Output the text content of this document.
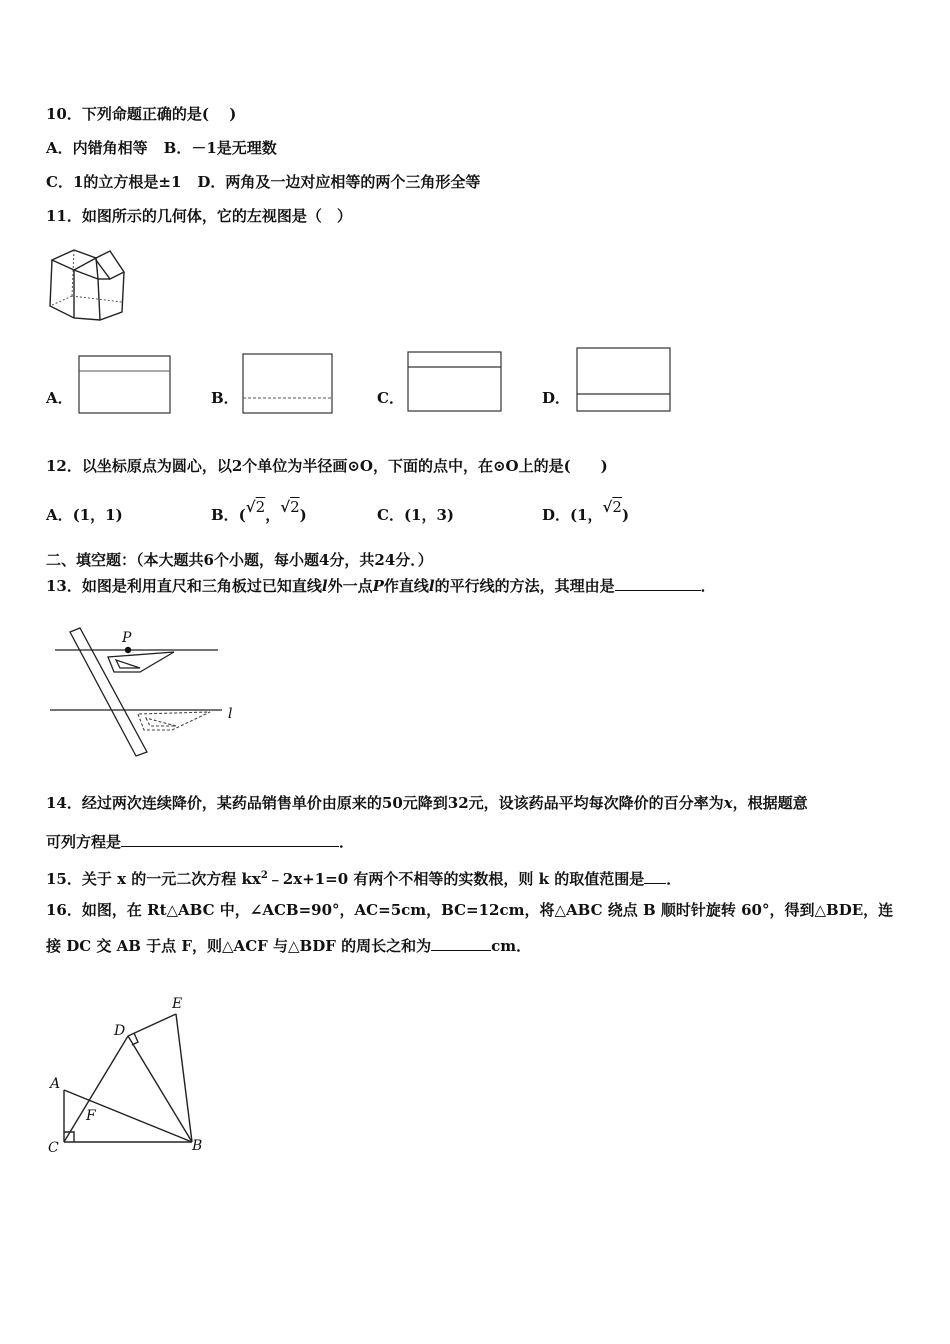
10．下列命题正确的是(　 )
A．内错角相等 B．－1是无理数
C．1的立方根是±1 D．两角及一边对应相等的两个三角形全等
11．如图所示的几何体，它的左视图是（　）
A．	B．	C．	D．
12．以坐标原点为圆心，以2个单位为半径画⊙O，下面的点中，在⊙O上的是(　　)
A．(1，1)	B．(√2，√2)	C．(1，3)	D．(1，√2)
二、填空题：（本大题共6个小题，每小题4分，共24分．）
13．如图是利用直尺和三角板过已知直线l外一点P作直线l的平行线的方法，其理由是	．
P
l
14．经过两次连续降价，某药品销售单价由原来的50元降到32元，设该药品平均每次降价的百分率为x，根据题意
可列方程是	．
15．关于 x 的一元二次方程 $kx^2﹣2x+1=0$ 有两个不相等的实数根，则 k 的取值范围是 ．
16．如图，在 Rt△ABC 中，∠ACB=90°，AC=5cm，BC=12cm，将△ABC 绕点 B 顺时针旋转 60°，得到△BDE，连
接 DC 交 AB 于点 F，则△ACF 与△BDF 的周长之和为	cm．
A
B
C
D
E
F
